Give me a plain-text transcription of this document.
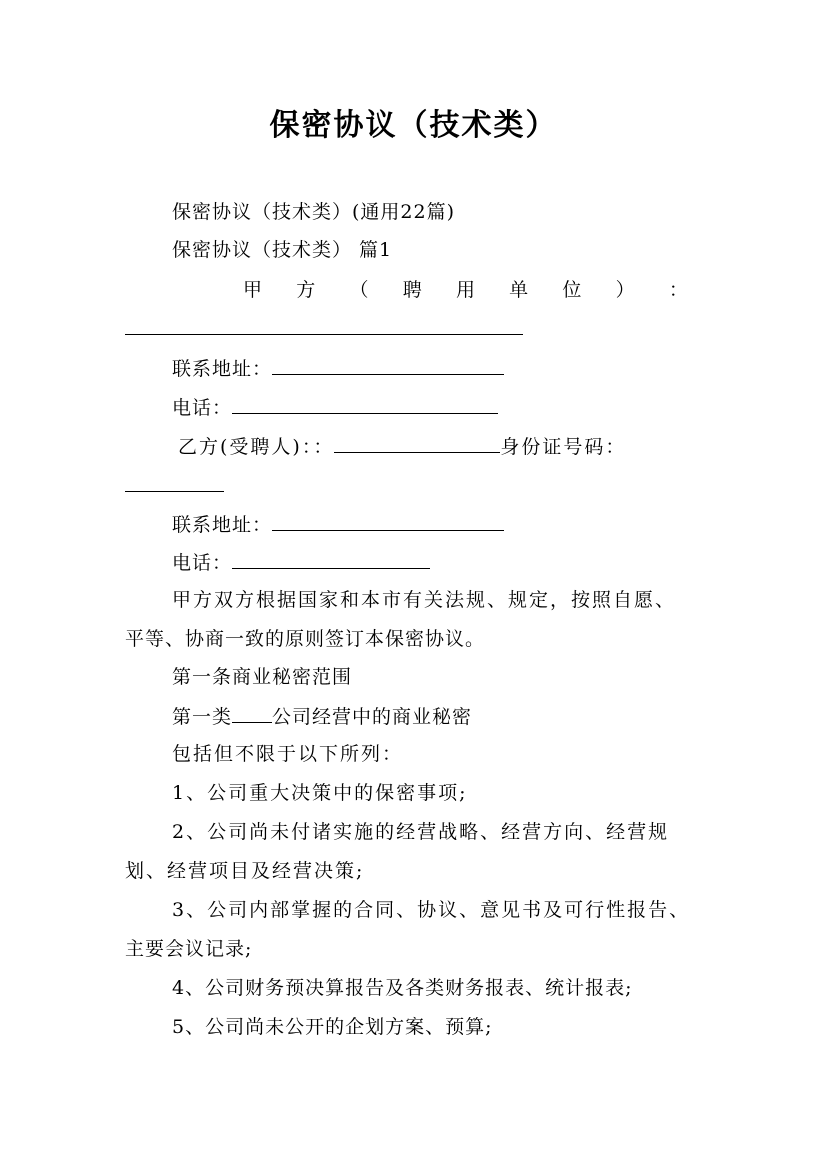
保密协议（技术类）
保密协议（技术类）(通用22篇)
保密协议（技术类） 篇1
甲 方 （ 聘 用 单 位 ） ：
联系地址：
电话：
乙方(受聘人)：：	身份证号码：
联系地址：
电话：
甲方双方根据国家和本市有关法规、规定，按照自愿、
平等、协商一致的原则签订本保密协议。
第一条商业秘密范围
第一类 公司经营中的商业秘密
包括但不限于以下所列：
1、公司重大决策中的保密事项;
2、公司尚未付诸实施的经营战略、经营方向、经营规
划、经营项目及经营决策;
3、公司内部掌握的合同、协议、意见书及可行性报告、
主要会议记录;
4、公司财务预决算报告及各类财务报表、统计报表;
5、公司尚未公开的企划方案、预算;
